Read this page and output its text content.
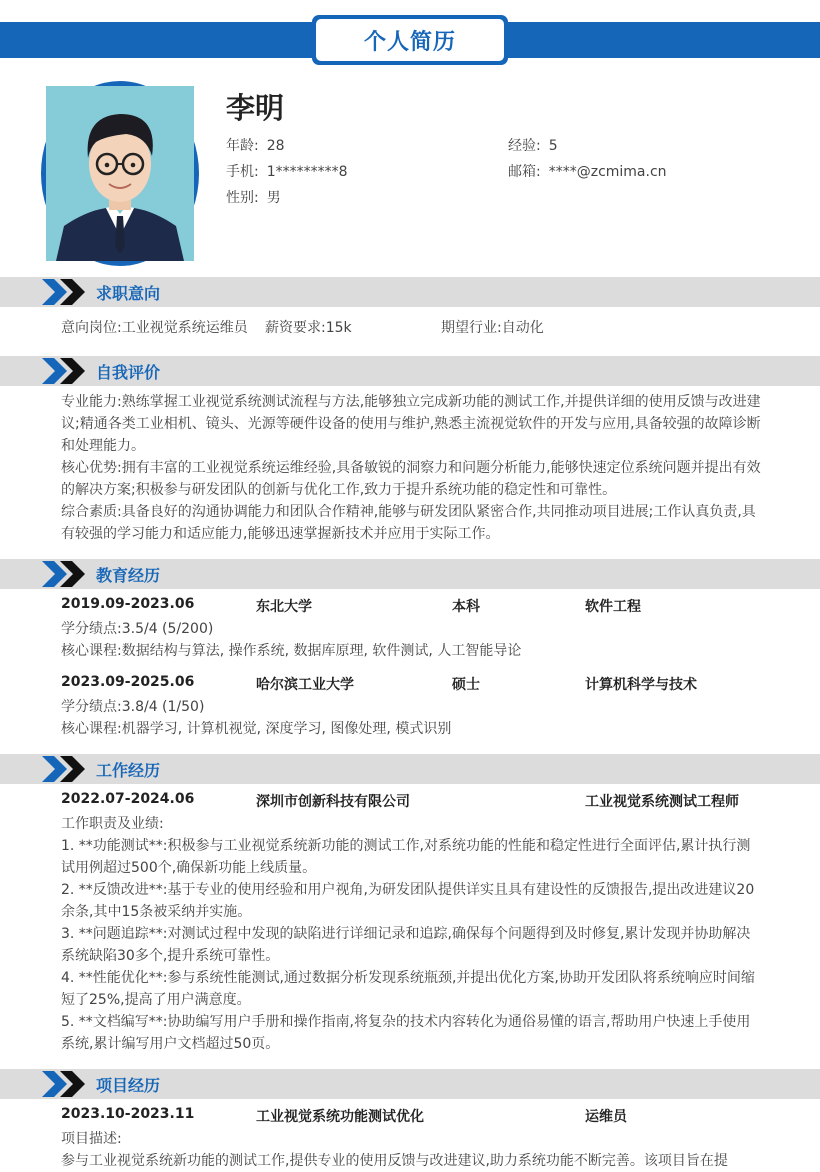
个人简历
李明
年龄: 28	经验: 5
手机: 1*********8	邮箱: ****@zcmima.cn
性别: 男
求职意向
意向岗位:工业视觉系统运维员	薪资要求:15k	期望行业:自动化
自我评价
专业能力:熟练掌握工业视觉系统测试流程与方法,能够独立完成新功能的测试工作,并提供详细的使用反馈与改进建议;精通各类工业相机、镜头、光源等硬件设备的使用与维护,熟悉主流视觉软件的开发与应用,具备较强的故障诊断和处理能力。
核心优势:拥有丰富的工业视觉系统运维经验,具备敏锐的洞察力和问题分析能力,能够快速定位系统问题并提出有效的解决方案;积极参与研发团队的创新与优化工作,致力于提升系统功能的稳定性和可靠性。
综合素质:具备良好的沟通协调能力和团队合作精神,能够与研发团队紧密合作,共同推动项目进展;工作认真负责,具有较强的学习能力和适应能力,能够迅速掌握新技术并应用于实际工作。
教育经历
2019.09-2023.06	东北大学	本科	软件工程
学分绩点:3.5/4 (5/200)
核心课程:数据结构与算法, 操作系统, 数据库原理, 软件测试, 人工智能导论
2023.09-2025.06	哈尔滨工业大学	硕士	计算机科学与技术
学分绩点:3.8/4 (1/50)
核心课程:机器学习, 计算机视觉, 深度学习, 图像处理, 模式识别
工作经历
2022.07-2024.06	深圳市创新科技有限公司	工业视觉系统测试工程师
工作职责及业绩:
1. **功能测试**:积极参与工业视觉系统新功能的测试工作,对系统功能的性能和稳定性进行全面评估,累计执行测试用例超过500个,确保新功能上线质量。
2. **反馈改进**:基于专业的使用经验和用户视角,为研发团队提供详实且具有建设性的反馈报告,提出改进建议20余条,其中15条被采纳并实施。
3. **问题追踪**:对测试过程中发现的缺陷进行详细记录和追踪,确保每个问题得到及时修复,累计发现并协助解决系统缺陷30多个,提升系统可靠性。
4. **性能优化**:参与系统性能测试,通过数据分析发现系统瓶颈,并提出优化方案,协助开发团队将系统响应时间缩短了25%,提高了用户满意度。
5. **文档编写**:协助编写用户手册和操作指南,将复杂的技术内容转化为通俗易懂的语言,帮助用户快速上手使用系统,累计编写用户文档超过50页。
项目经历
2023.10-2023.11	工业视觉系统功能测试优化	运维员
项目描述:
参与工业视觉系统新功能的测试工作,提供专业的使用反馈与改进建议,助力系统功能不断完善。该项目旨在提
